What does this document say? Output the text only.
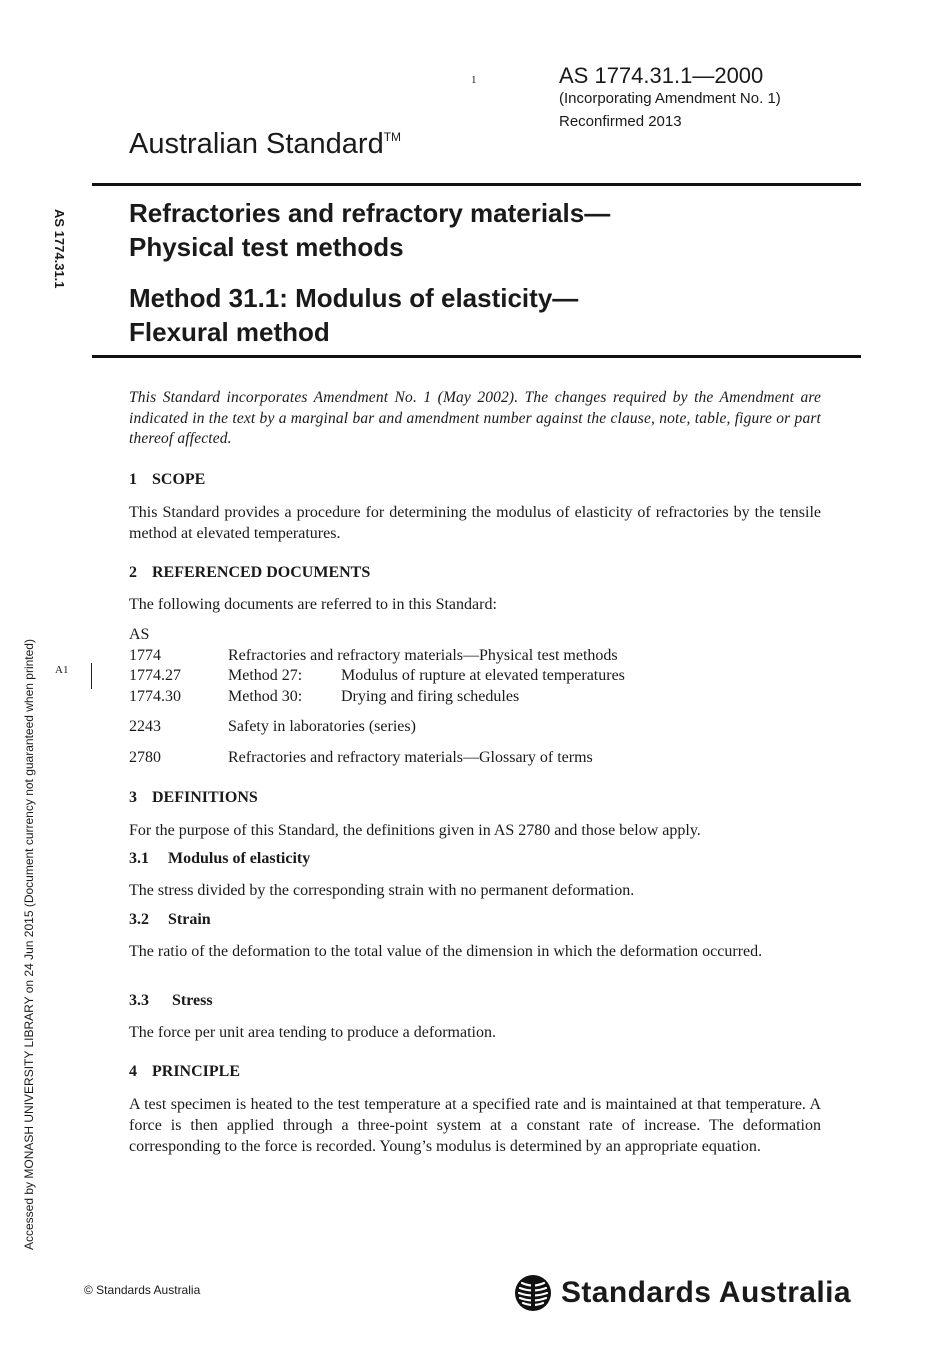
1	AS 1774.31.1—2000
(Incorporating Amendment No. 1)
Reconfirmed 2013
Australian Standard™
Refractories and refractory materials—
Physical test methods
Method 31.1: Modulus of elasticity—
Flexural method
AS 1774.31.1
Accessed by MONASH UNIVERSITY LIBRARY on 24 Jun 2015 (Document currency not guaranteed when printed)
This Standard incorporates Amendment No. 1 (May 2002). The changes required by the Amendment are indicated in the text by a marginal bar and amendment number against the clause, note, table, figure or part thereof affected.
1 SCOPE
This Standard provides a procedure for determining the modulus of elasticity of refractories by the tensile method at elevated temperatures.
2 REFERENCED DOCUMENTS
The following documents are referred to in this Standard:
AS
1774	Refractories and refractory materials—Physical test methods
1774.27	Method 27: Modulus of rupture at elevated temperatures
1774.30	Method 30: Drying and firing schedules
2243	Safety in laboratories (series)
2780	Refractories and refractory materials—Glossary of terms
A1
3 DEFINITIONS
For the purpose of this Standard, the definitions given in AS 2780 and those below apply.
3.1 Modulus of elasticity
The stress divided by the corresponding strain with no permanent deformation.
3.2 Strain
The ratio of the deformation to the total value of the dimension in which the deformation occurred.
3.3 Stress
The force per unit area tending to produce a deformation.
4 PRINCIPLE
A test specimen is heated to the test temperature at a specified rate and is maintained at that temperature. A force is then applied through a three-point system at a constant rate of increase. The deformation corresponding to the force is recorded. Young’s modulus is determined by an appropriate equation.
© Standards Australia	Standards Australia
